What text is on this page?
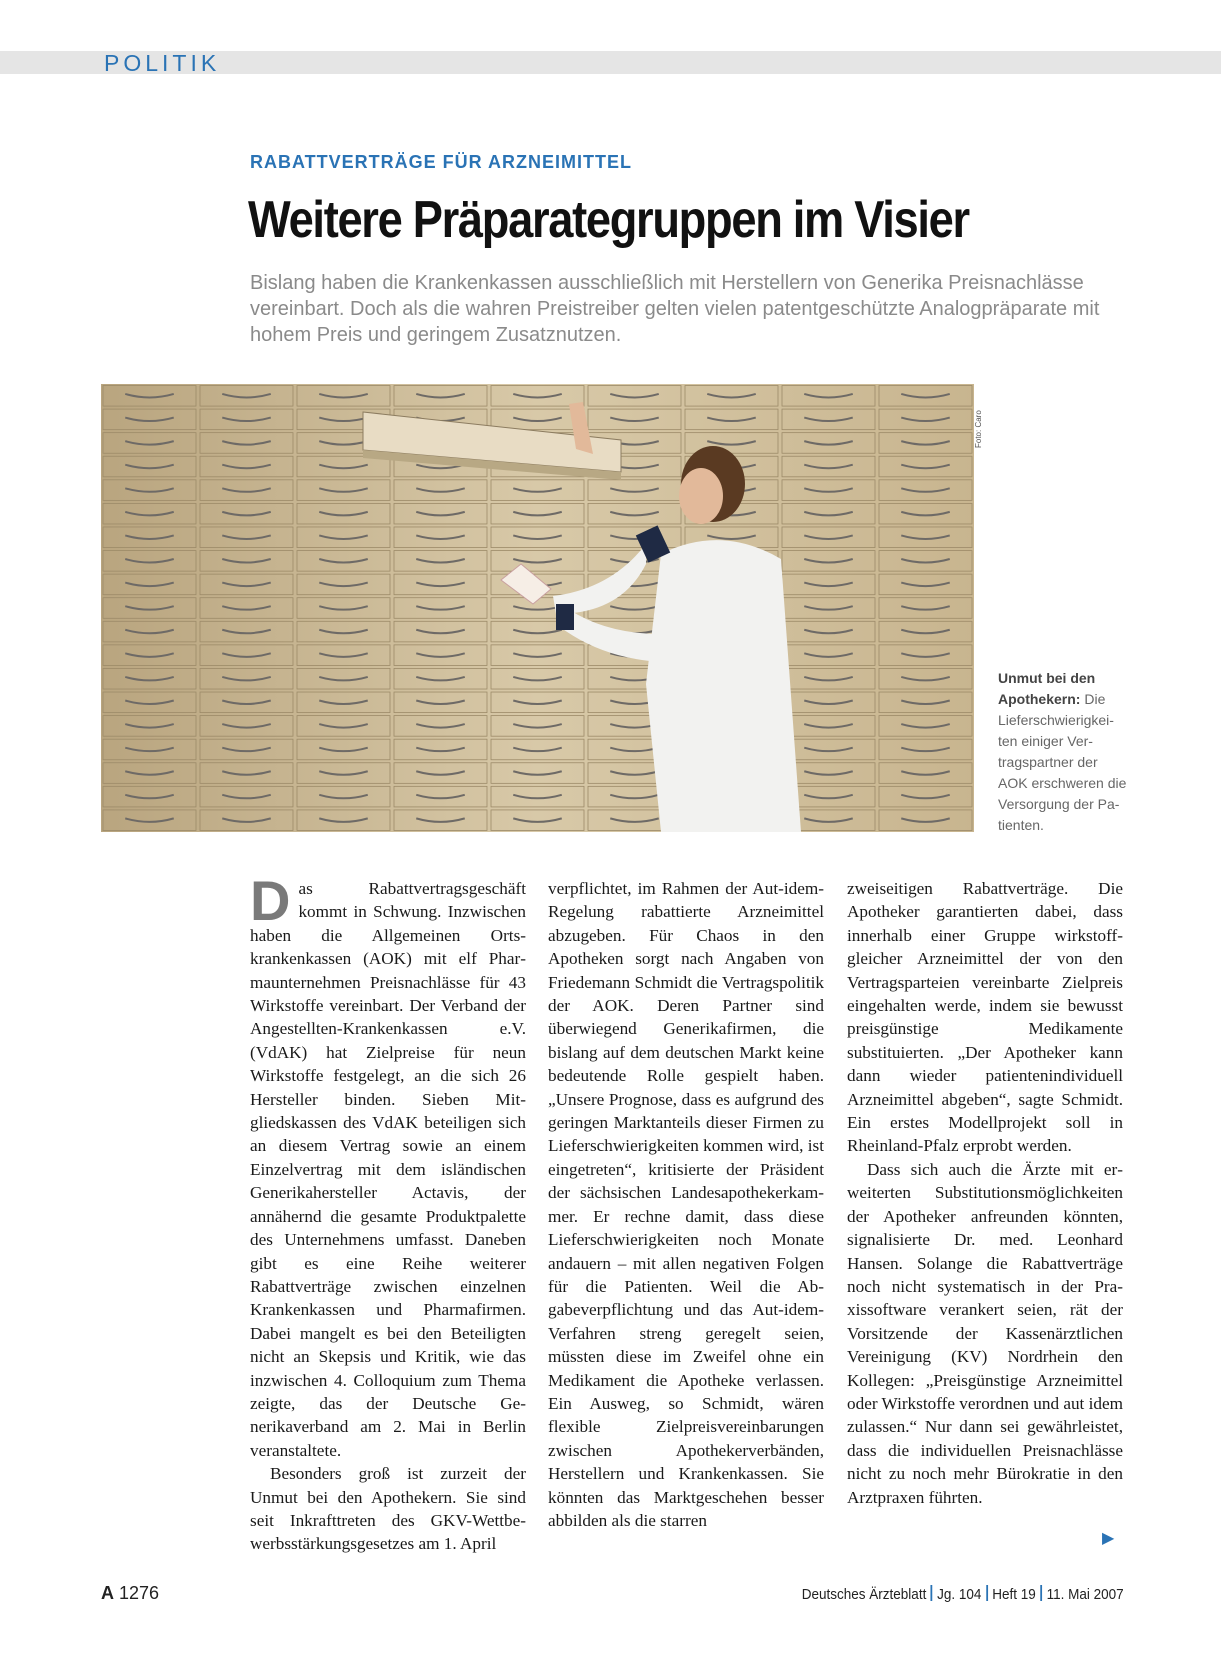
POLITIK
RABATTVERTRÄGE FÜR ARZNEIMITTEL
Weitere Präparategruppen im Visier
Bislang haben die Krankenkassen ausschließlich mit Herstellern von Generika Preisnachlässe vereinbart. Doch als die wahren Preistreiber gelten vielen patentgeschützte Analogpräparate mit hohem Preis und geringem Zusatznutzen.
Foto: Caro
Unmut bei den Apothekern: Die Lieferschwierigkeiten einiger Vertragspartner der AOK erschweren die Versorgung der Patienten.

Das Rabattvertragsgeschäft kommt in Schwung. Inzwischen haben die Allgemeinen Ortskrankenkassen (AOK) mit elf Pharmaunternehmen Preisnachlässe für 43 Wirkstoffe vereinbart. Der Verband der Angestellten-Krankenkassen e.V. (VdAK) hat Zielpreise für neun Wirkstoffe festgelegt, an die sich 26 Hersteller binden. Sieben Mitgliedskassen des VdAK beteiligen sich an diesem Vertrag sowie an einem Einzelvertrag mit dem isländischen Generikahersteller Actavis, der annähernd die gesamte Produktpalette des Unternehmens umfasst. Daneben gibt es eine Reihe weiterer Rabattverträge zwischen einzelnen Krankenkassen und Pharmafirmen. Dabei mangelt es bei den Beteiligten nicht an Skepsis und Kritik, wie das inzwischen 4. Colloquium zum Thema zeigte, das der Deutsche Generikaverband am 2. Mai in Berlin veranstaltete.

Besonders groß ist zurzeit der Unmut bei den Apothekern. Sie sind seit Inkrafttreten des GKV-Wettbewerbsstärkungsgesetzes am 1. April

verpflichtet, im Rahmen der Aut-idem-Regelung rabattierte Arzneimittel abzugeben. Für Chaos in den Apotheken sorgt nach Angaben von Friedemann Schmidt die Vertragspolitik der AOK. Deren Partner sind überwiegend Generikafirmen, die bislang auf dem deutschen Markt keine bedeutende Rolle gespielt haben. „Unsere Prognose, dass es aufgrund des geringen Marktanteils dieser Firmen zu Lieferschwierigkeiten kommen wird, ist eingetreten“, kritisierte der Präsident der sächsischen Landesapothekerkammer. Er rechne damit, dass diese Lieferschwierigkeiten noch Monate andauern – mit allen negativen Folgen für die Patienten. Weil die Abgabeverpflichtung und das Aut-idem-Verfahren streng geregelt seien, müssten diese im Zweifel ohne ein Medikament die Apotheke verlassen. Ein Ausweg, so Schmidt, wären flexible Zielpreisvereinbarungen zwischen Apothekerverbänden, Herstellern und Krankenkassen. Sie könnten das Marktgeschehen besser abbilden als die starren

zweiseitigen Rabattverträge. Die Apotheker garantierten dabei, dass innerhalb einer Gruppe wirkstoffgleicher Arzneimittel der von den Vertragsparteien vereinbarte Zielpreis eingehalten werde, indem sie bewusst preisgünstige Medikamente substituierten. „Der Apotheker kann dann wieder patientenindividuell Arzneimittel abgeben“, sagte Schmidt. Ein erstes Modellprojekt soll in Rheinland-Pfalz erprobt werden.

Dass sich auch die Ärzte mit erweiterten Substitutionsmöglichkeiten der Apotheker anfreunden könnten, signalisierte Dr. med. Leonhard Hansen. Solange die Rabattverträge noch nicht systematisch in der Praxissoftware verankert seien, rät der Vorsitzende der Kassenärztlichen Vereinigung (KV) Nordrhein den Kollegen: „Preisgünstige Arzneimittel oder Wirkstoffe verordnen und aut idem zulassen.“ Nur dann sei gewährleistet, dass die individuellen Preisnachlässe nicht zu noch mehr Bürokratie in den Arztpraxen führten.

▶
A 1276	Deutsches Ärzteblatt Jg. 104 Heft 19 11. Mai 2007
